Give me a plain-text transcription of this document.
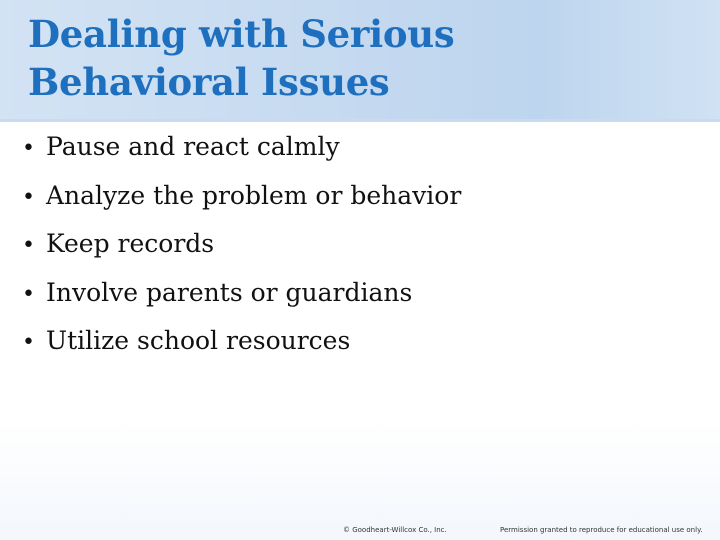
Dealing with Serious
Behavioral Issues
• Pause and react calmly
• Analyze the problem or behavior
• Keep records
• Involve parents or guardians
• Utilize school resources
© Goodheart-Willcox Co., Inc.	Permission granted to reproduce for educational use only.
